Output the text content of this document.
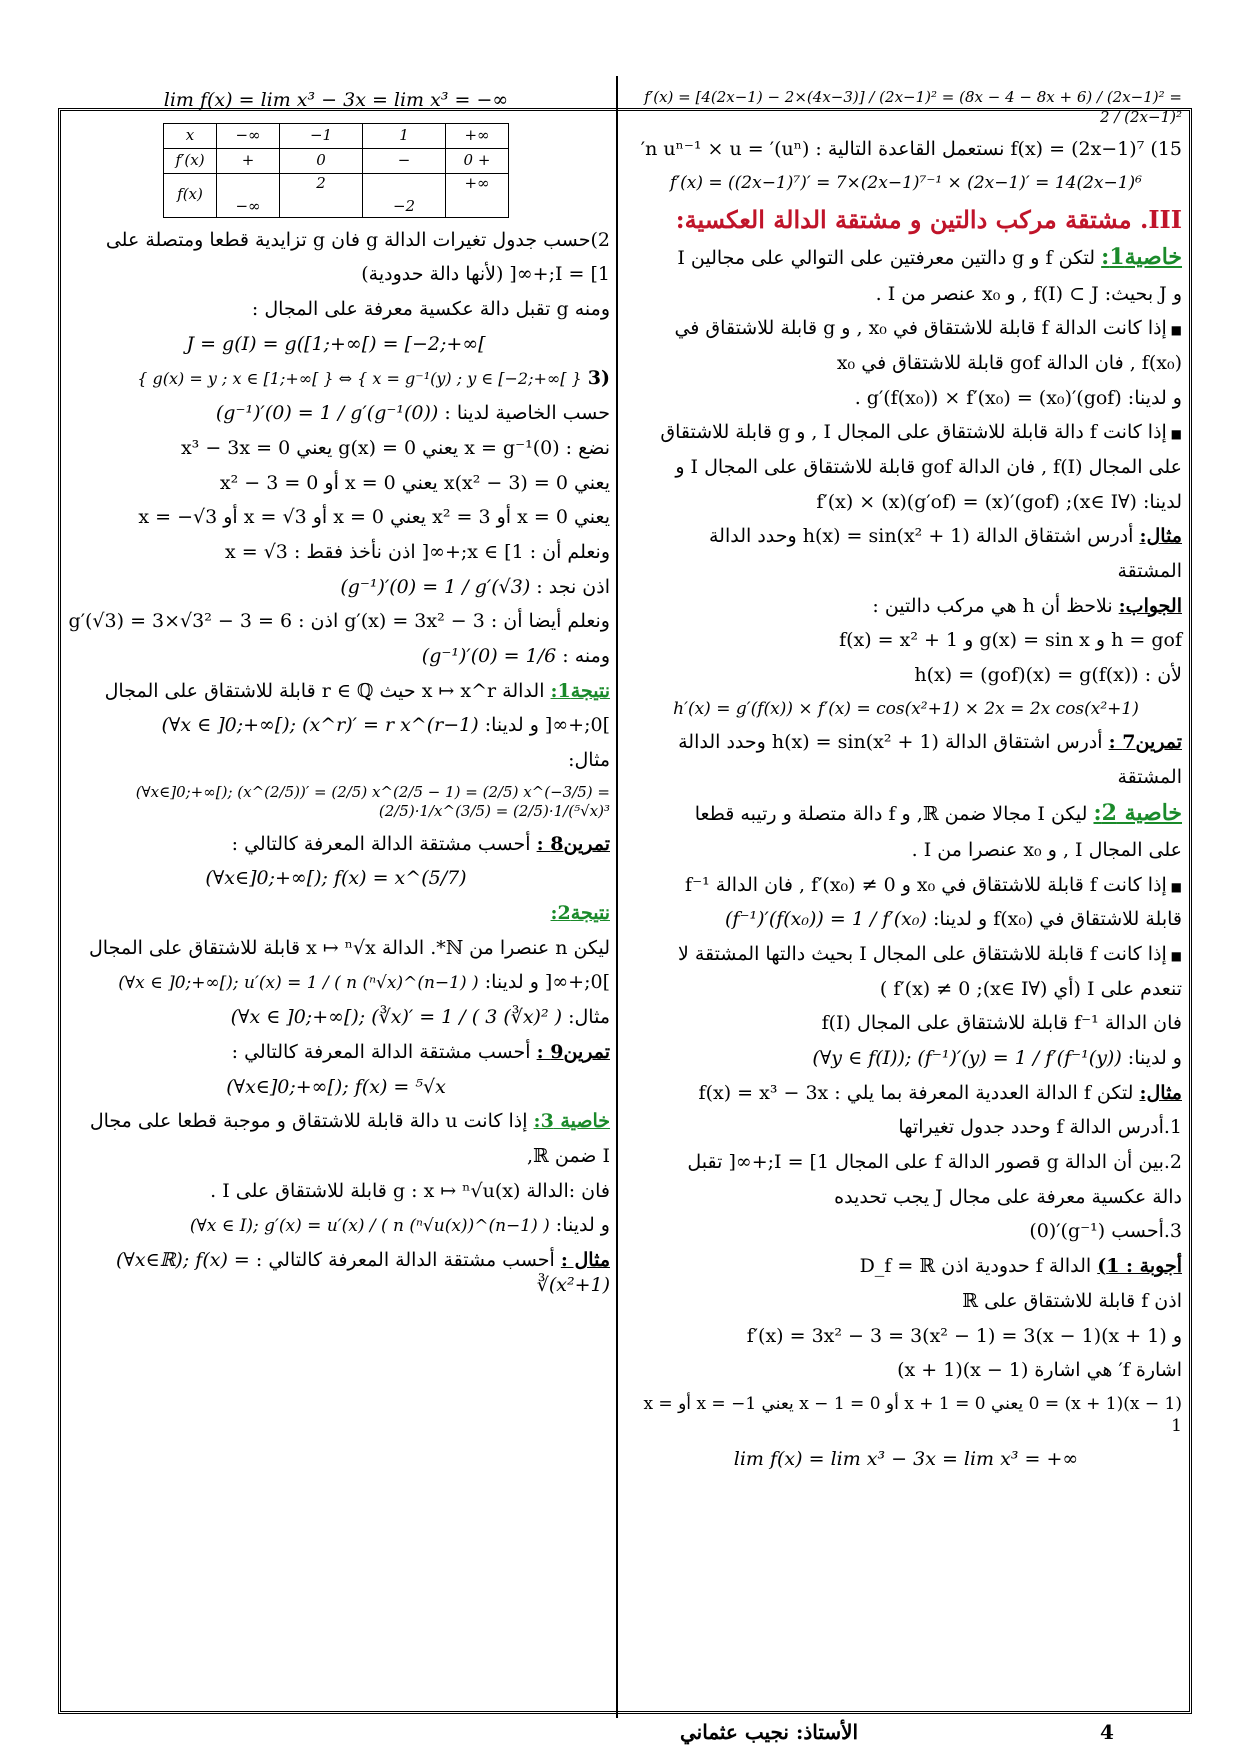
lim f(x) = lim x³ − 3x = lim x³ = −∞
x	−∞	−1	1	+∞
f′(x)	+	0	−	0 +
f(x)	−∞	2	−2	+∞
2)حسب جدول تغيرات الدالة g فان g تزايدية قطعا ومتصلة على
I = [1;+∞[ (لأنها دالة حدودية)
ومنه g تقبل دالة عكسية معرفة على المجال :
J = g(I) = g([1;+∞[) = [−2;+∞[
(3 { g(x) = y ; x ∈ [1;+∞[ } ⇔ { x = g⁻¹(y) ; y ∈ [−2;+∞[ }
حسب الخاصية لدينا : (g⁻¹)′(0) = 1 / g′(g⁻¹(0))
نضع : x = g⁻¹(0) يعني 0 = g(x) يعني x³ − 3x = 0
يعني x(x² − 3) = 0 يعني x = 0 أو x² − 3 = 0
يعني x = 0 أو x² = 3 يعني x = 0 أو x = √3 أو x = −√3
ونعلم أن : x ∈ [1;+∞[ اذن نأخذ فقط : x = √3
اذن نجد : (g⁻¹)′(0) = 1 / g′(√3)
ونعلم أيضا أن : g′(x) = 3x² − 3 اذن : g′(√3) = 3×√3² − 3 = 6
ومنه : (g⁻¹)′(0) = 1/6
نتيجة1: الدالة x ↦ x^r حيث r ∈ ℚ قابلة للاشتقاق على المجال
]0;+∞[ و لدينا: (∀x ∈ ]0;+∞[); (x^r)′ = r x^(r−1)
مثال:
(∀x∈]0;+∞[); (x^(2/5))′ = (2/5) x^(2/5 − 1) = (2/5) x^(−3/5) = (2/5)·1/x^(3/5) = (2/5)·1/(⁵√x)³
تمرين8 : أحسب مشتقة الدالة المعرفة كالتالي :
(∀x∈]0;+∞[); f(x) = x^(5/7)
نتيجة2:
ليكن n عنصرا من ℕ*. الدالة x ↦ ⁿ√x قابلة للاشتقاق على المجال
]0;+∞[ و لدينا: (∀x ∈ ]0;+∞[); u′(x) = 1 / ( n (ⁿ√x)^(n−1) )
مثال: (∀x ∈ ]0;+∞[); (∛x)′ = 1 / ( 3 (∛x)² )
تمرين9 : أحسب مشتقة الدالة المعرفة كالتالي :
(∀x∈]0;+∞[); f(x) = ⁵√x
خاصية 3: إذا كانت u دالة قابلة للاشتقاق و موجبة قطعا على مجال
I ضمن ℝ,
فان :الدالة g : x ↦ ⁿ√u(x) قابلة للاشتقاق على I .
و لدينا: (∀x ∈ I); g′(x) = u′(x) / ( n (ⁿ√u(x))^(n−1) )
مثال : أحسب مشتقة الدالة المعرفة كالتالي : (∀x∈ℝ); f(x) = ∛(x²+1)
f′(x) = [4(2x−1) − 2×(4x−3)] / (2x−1)² = (8x − 4 − 8x + 6) / (2x−1)² = 2 / (2x−1)²
15) f(x) = (2x−1)⁷ نستعمل القاعدة التالية : (uⁿ)′ = n uⁿ⁻¹ × u′
f′(x) = ((2x−1)⁷)′ = 7×(2x−1)⁷⁻¹ × (2x−1)′ = 14(2x−1)⁶
III. مشتقة مركب دالتين و مشتقة الدالة العكسية:
خاصية1: لتكن f و g دالتين معرفتين على التوالي على مجالين I
و J بحيث: f(I) ⊂ J , و x₀ عنصر من I .
■ إذا كانت الدالة f قابلة للاشتقاق في x₀ , و g قابلة للاشتقاق في
f(x₀) , فان الدالة gof قابلة للاشتقاق في x₀
و لدينا: (gof)′(x₀) = g′(f(x₀)) × f′(x₀) .
■ إذا كانت f دالة قابلة للاشتقاق على المجال I , و g قابلة للاشتقاق
على المجال f(I) , فان الدالة gof قابلة للاشتقاق على المجال I و
لدينا: (∀x∈ I); (gof)′(x) = (g′of)(x) × f′(x)
مثال: أدرس اشتقاق الدالة h(x) = sin(x² + 1) وحدد الدالة
المشتقة
الجواب: نلاحظ أن h هي مركب دالتين :
h = gof و g(x) = sin x و f(x) = x² + 1
لأن : h(x) = (gof)(x) = g(f(x))
h′(x) = g′(f(x)) × f′(x) = cos(x²+1) × 2x = 2x cos(x²+1)
تمرين7 : أدرس اشتقاق الدالة h(x) = sin(x² + 1) وحدد الدالة
المشتقة
خاصية 2: ليكن I مجالا ضمن ℝ, و f دالة متصلة و رتيبه قطعا
على المجال I , و x₀ عنصرا من I .
■ إذا كانت f قابلة للاشتقاق في x₀ و f′(x₀) ≠ 0 , فان الدالة f⁻¹
قابلة للاشتقاق في f(x₀) و لدينا: (f⁻¹)′(f(x₀)) = 1 / f′(x₀)
■ إذا كانت f قابلة للاشتقاق على المجال I بحيث دالتها المشتقة لا
تنعدم على I (أي (∀x∈ I); f′(x) ≠ 0 )
فان الدالة f⁻¹ قابلة للاشتقاق على المجال f(I)
و لدينا: (∀y ∈ f(I)); (f⁻¹)′(y) = 1 / f′(f⁻¹(y))
مثال: لتكن f الدالة العددية المعرفة بما يلي : f(x) = x³ − 3x
1.أدرس الدالة f وحدد جدول تغيراتها
2.بين أن الدالة g قصور الدالة f على المجال I = [1;+∞[ تقبل
دالة عكسية معرفة على مجال J يجب تحديده
3.أحسب (g⁻¹)′(0)
أجوبة : 1) الدالة f حدودية اذن D_f = ℝ
اذن f قابلة للاشتقاق على ℝ
و f′(x) = 3x² − 3 = 3(x² − 1) = 3(x − 1)(x + 1)
اشارة f′ هي اشارة (x − 1)(x + 1)
(x − 1)(x + 1) = 0 يعني x + 1 = 0 أو x − 1 = 0 يعني x = −1 أو x = 1
lim f(x) = lim x³ − 3x = lim x³ = +∞
4
الأستاذ: نجيب عثماني
